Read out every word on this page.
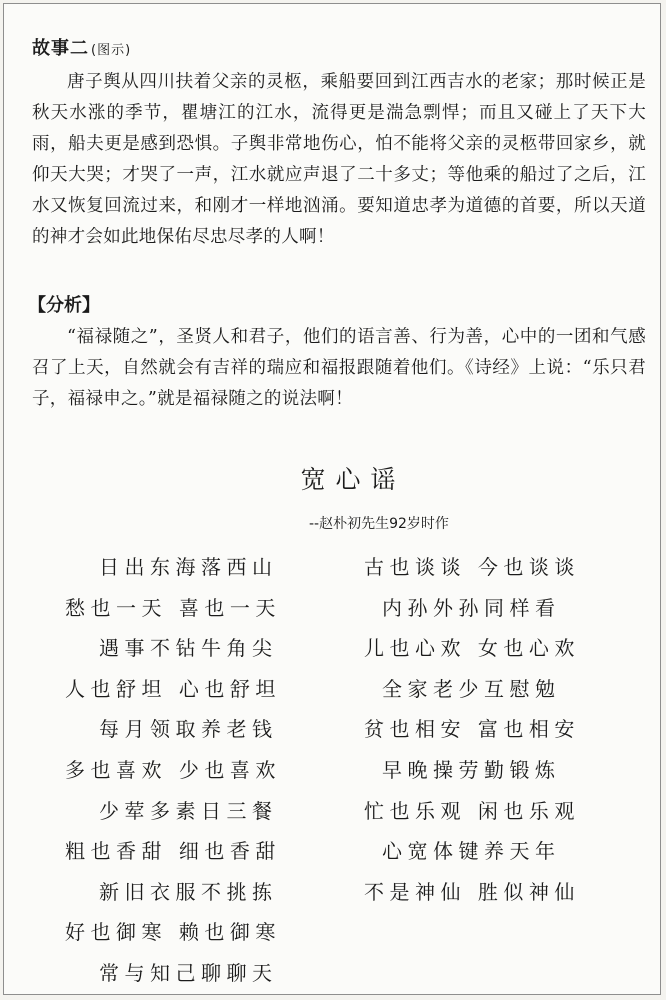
故事二 (图示)
唐子舆从四川扶着父亲的灵柩，乘船要回到江西吉水的老家；那时候正是秋天水涨的季节，瞿塘江的江水，流得更是湍急剽悍；而且又碰上了天下大雨，船夫更是感到恐惧。子舆非常地伤心，怕不能将父亲的灵柩带回家乡，就仰天大哭；才哭了一声，江水就应声退了二十多丈；等他乘的船过了之后，江水又恢复回流过来，和刚才一样地汹涌。要知道忠孝为道德的首要，所以天道的神才会如此地保佑尽忠尽孝的人啊！
【分析】
“福禄随之”，圣贤人和君子，他们的语言善、行为善，心中的一团和气感召了上天，自然就会有吉祥的瑞应和福报跟随着他们。《诗经》上说：“乐只君子，福禄申之。”就是福禄随之的说法啊！
宽心谣
--赵朴初先生92岁时作
日出东海落西山
愁也一天 喜也一天
遇事不钻牛角尖
人也舒坦 心也舒坦
每月领取养老钱
多也喜欢 少也喜欢
少荤多素日三餐
粗也香甜 细也香甜
新旧衣服不挑拣
好也御寒 赖也御寒
常与知己聊聊天
古也谈谈 今也谈谈
内孙外孙同样看
儿也心欢 女也心欢
全家老少互慰勉
贫也相安 富也相安
早晚操劳勤锻炼
忙也乐观 闲也乐观
心宽体键养天年
不是神仙 胜似神仙
